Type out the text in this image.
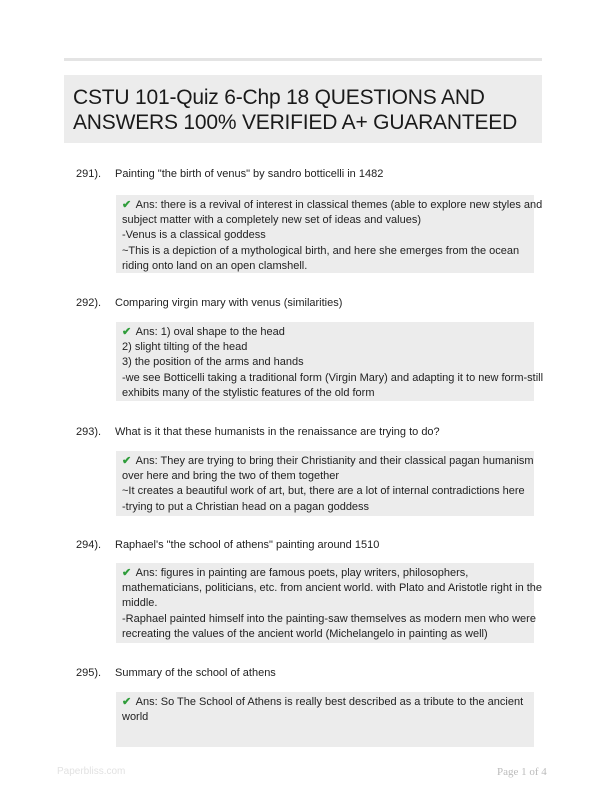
CSTU 101-Quiz 6-Chp 18 QUESTIONS AND ANSWERS 100% VERIFIED A+ GUARANTEED
291). Painting "the birth of venus" by sandro botticelli in 1482
✔ Ans: there is a revival of interest in classical themes (able to explore new styles and
subject matter with a completely new set of ideas and values)
-Venus is a classical goddess
~This is a depiction of a mythological birth, and here she emerges from the ocean
riding onto land on an open clamshell.
292). Comparing virgin mary with venus (similarities)
✔ Ans: 1) oval shape to the head
2) slight tilting of the head
3) the position of the arms and hands
-we see Botticelli taking a traditional form (Virgin Mary) and adapting it to new form-still
exhibits many of the stylistic features of the old form
293). What is it that these humanists in the renaissance are trying to do?
✔ Ans: They are trying to bring their Christianity and their classical pagan humanism
over here and bring the two of them together
~It creates a beautiful work of art, but, there are a lot of internal contradictions here
-trying to put a Christian head on a pagan goddess
294). Raphael's "the school of athens" painting around 1510
✔ Ans: figures in painting are famous poets, play writers, philosophers,
mathematicians, politicians, etc. from ancient world. with Plato and Aristotle right in the
middle.
-Raphael painted himself into the painting-saw themselves as modern men who were
recreating the values of the ancient world (Michelangelo in painting as well)
295). Summary of the school of athens
✔ Ans: So The School of Athens is really best described as a tribute to the ancient
world
Paperbliss.com	Page 1 of 4
